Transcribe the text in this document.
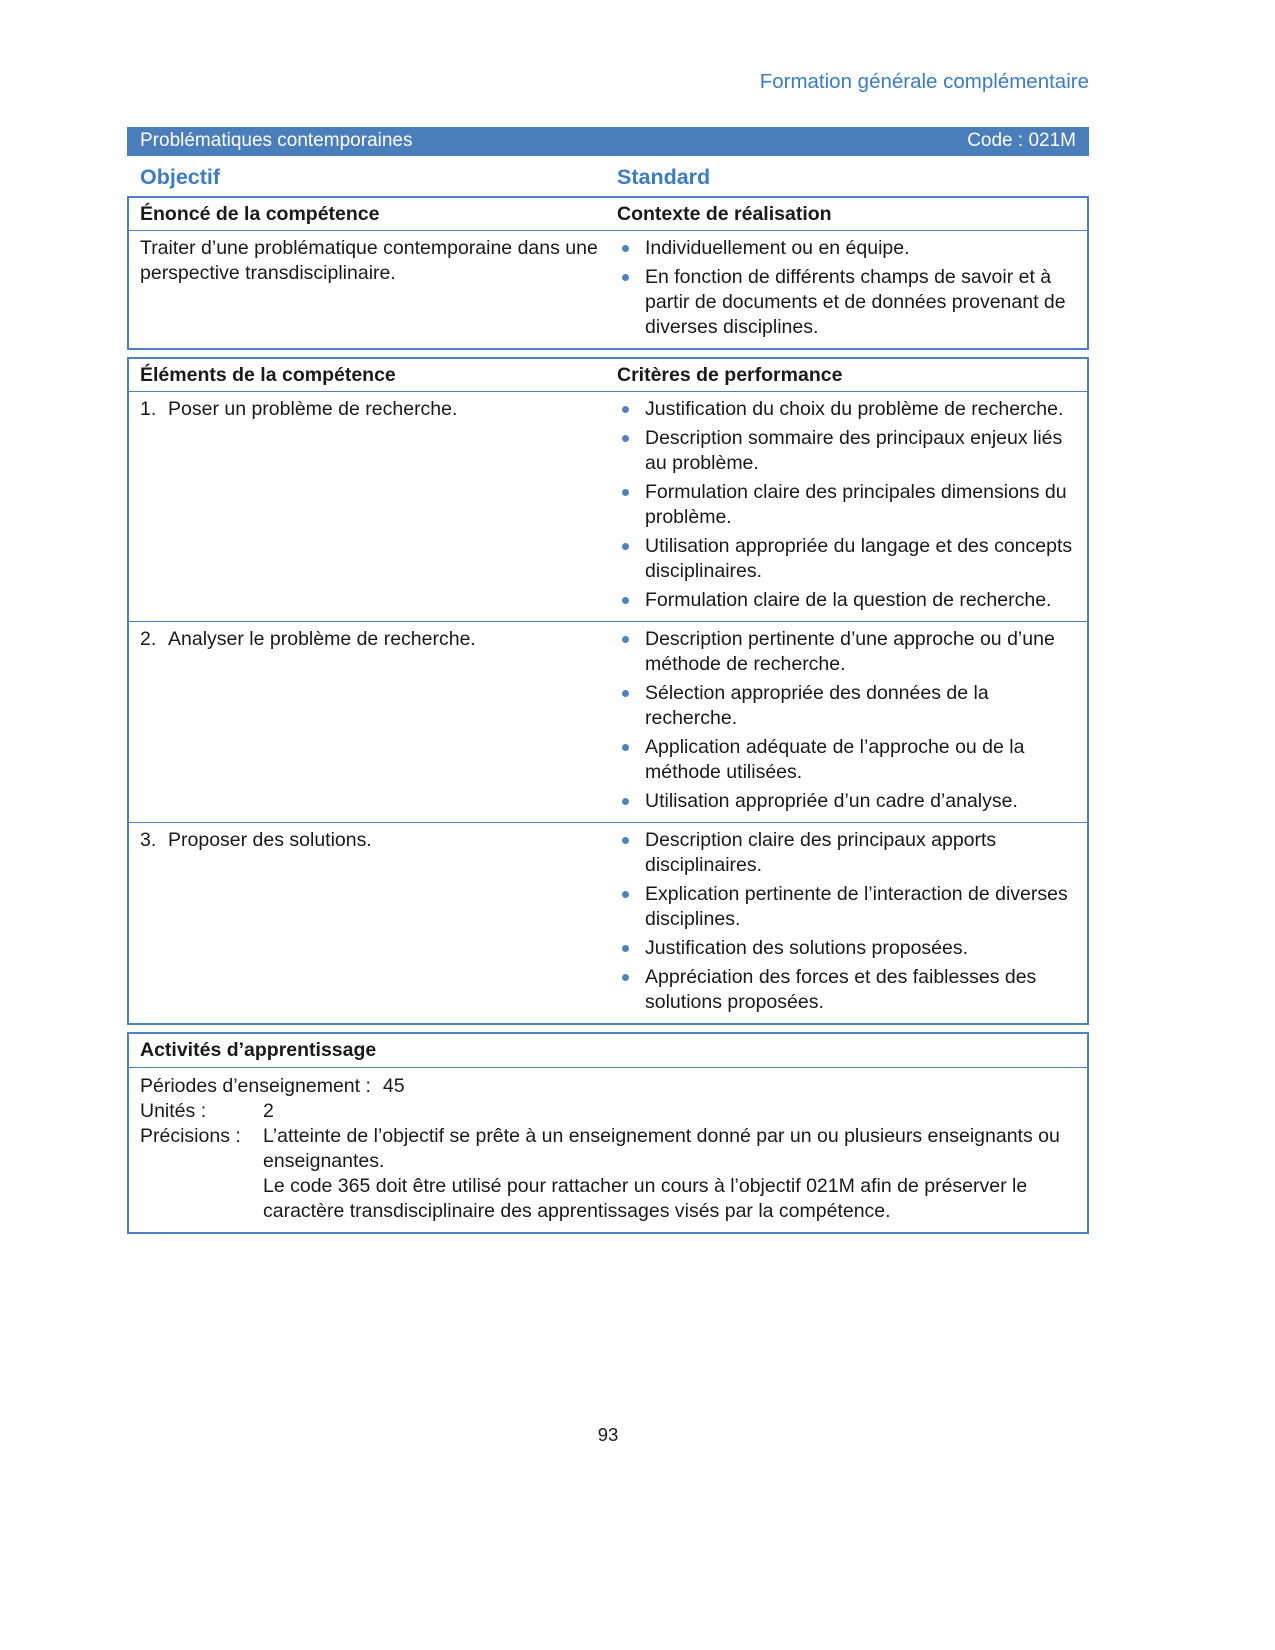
Formation générale complémentaire
Problématiques contemporaines	Code : 021M
Objectif	Standard
Énoncé de la compétence	Contexte de réalisation
Traiter d’une problématique contemporaine dans une perspective transdisciplinaire.
Individuellement ou en équipe.
En fonction de différents champs de savoir et à partir de documents et de données provenant de diverses disciplines.
Éléments de la compétence	Critères de performance
1. Poser un problème de recherche.	Justification du choix du problème de recherche.
Description sommaire des principaux enjeux liés au problème.
Formulation claire des principales dimensions du problème.
Utilisation appropriée du langage et des concepts disciplinaires.
Formulation claire de la question de recherche.
2. Analyser le problème de recherche.	Description pertinente d’une approche ou d’une méthode de recherche.
Sélection appropriée des données de la recherche.
Application adéquate de l’approche ou de la méthode utilisées.
Utilisation appropriée d’un cadre d’analyse.
3. Proposer des solutions.	Description claire des principaux apports disciplinaires.
Explication pertinente de l’interaction de diverses disciplines.
Justification des solutions proposées.
Appréciation des forces et des faiblesses des solutions proposées.
Activités d’apprentissage
Périodes d’enseignement : 45
Unités :	2
Précisions :	L’atteinte de l’objectif se prête à un enseignement donné par un ou plusieurs enseignants ou enseignantes.

Le code 365 doit être utilisé pour rattacher un cours à l’objectif 021M afin de préserver le caractère transdisciplinaire des apprentissages visés par la compétence.

93
